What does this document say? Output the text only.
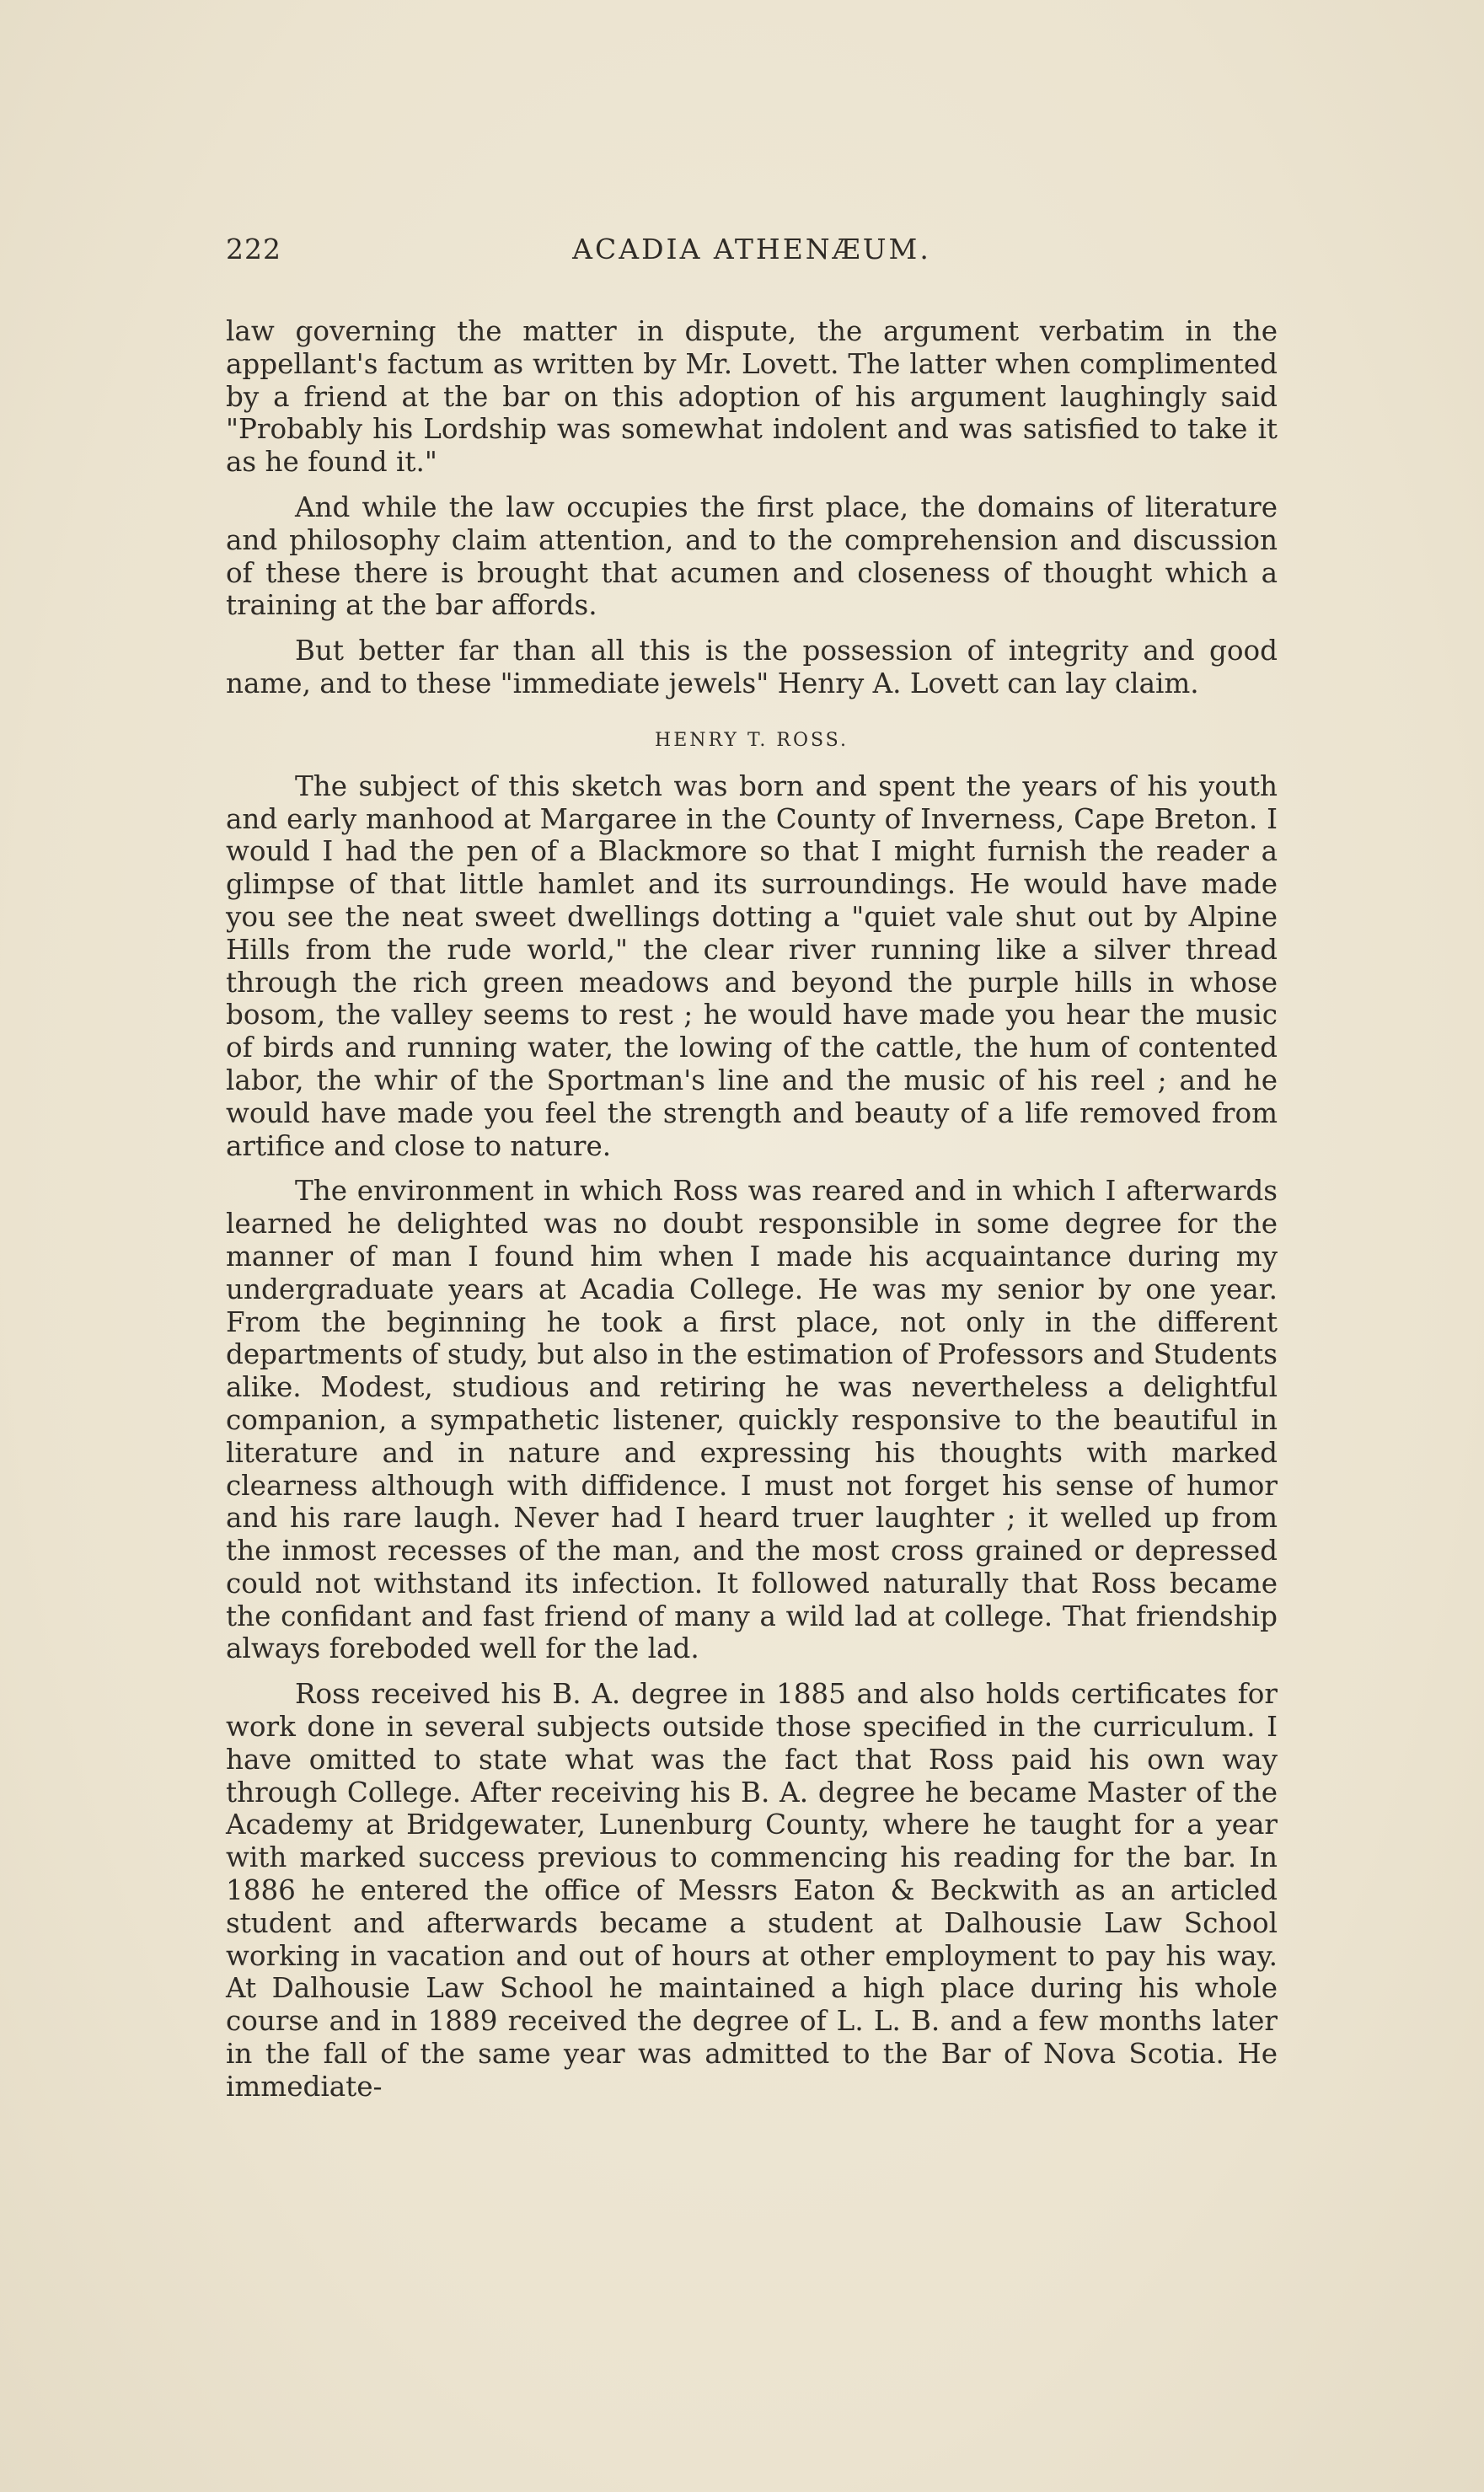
222	ACADIA ATHENÆUM.

law governing the matter in dispute, the argument verbatim in the appellant's factum as written by Mr. Lovett. The latter when complimented by a friend at the bar on this adoption of his argument laughingly said "Probably his Lordship was somewhat indolent and was satisfied to take it as he found it."

And while the law occupies the first place, the domains of literature and philosophy claim attention, and to the comprehension and discussion of these there is brought that acumen and closeness of thought which a training at the bar affords.

But better far than all this is the possession of integrity and good name, and to these "immediate jewels" Henry A. Lovett can lay claim.

HENRY T. ROSS.

The subject of this sketch was born and spent the years of his youth and early manhood at Margaree in the County of Inverness, Cape Breton. I would I had the pen of a Blackmore so that I might furnish the reader a glimpse of that little hamlet and its surroundings. He would have made you see the neat sweet dwellings dotting a "quiet vale shut out by Alpine Hills from the rude world," the clear river running like a silver thread through the rich green meadows and beyond the purple hills in whose bosom, the valley seems to rest ; he would have made you hear the music of birds and running water, the lowing of the cattle, the hum of contented labor, the whir of the Sportman's line and the music of his reel ; and he would have made you feel the strength and beauty of a life removed from artifice and close to nature.

The environment in which Ross was reared and in which I afterwards learned he delighted was no doubt responsible in some degree for the manner of man I found him when I made his acquaintance during my undergraduate years at Acadia College. He was my senior by one year. From the beginning he took a first place, not only in the different departments of study, but also in the estimation of Professors and Students alike. Modest, studious and retiring he was nevertheless a delightful companion, a sympathetic listener, quickly responsive to the beautiful in literature and in nature and expressing his thoughts with marked clearness although with diffidence. I must not forget his sense of humor and his rare laugh. Never had I heard truer laughter ; it welled up from the inmost recesses of the man, and the most cross grained or depressed could not withstand its infection. It followed naturally that Ross became the confidant and fast friend of many a wild lad at college. That friendship always foreboded well for the lad.

Ross received his B. A. degree in 1885 and also holds certificates for work done in several subjects outside those specified in the curriculum. I have omitted to state what was the fact that Ross paid his own way through College. After receiving his B. A. degree he became Master of the Academy at Bridgewater, Lunenburg County, where he taught for a year with marked success previous to commencing his reading for the bar. In 1886 he entered the office of Messrs Eaton & Beckwith as an articled student and afterwards became a student at Dalhousie Law School working in vacation and out of hours at other employment to pay his way. At Dalhousie Law School he maintained a high place during his whole course and in 1889 received the degree of L. L. B. and a few months later in the fall of the same year was admitted to the Bar of Nova Scotia. He immediate-
